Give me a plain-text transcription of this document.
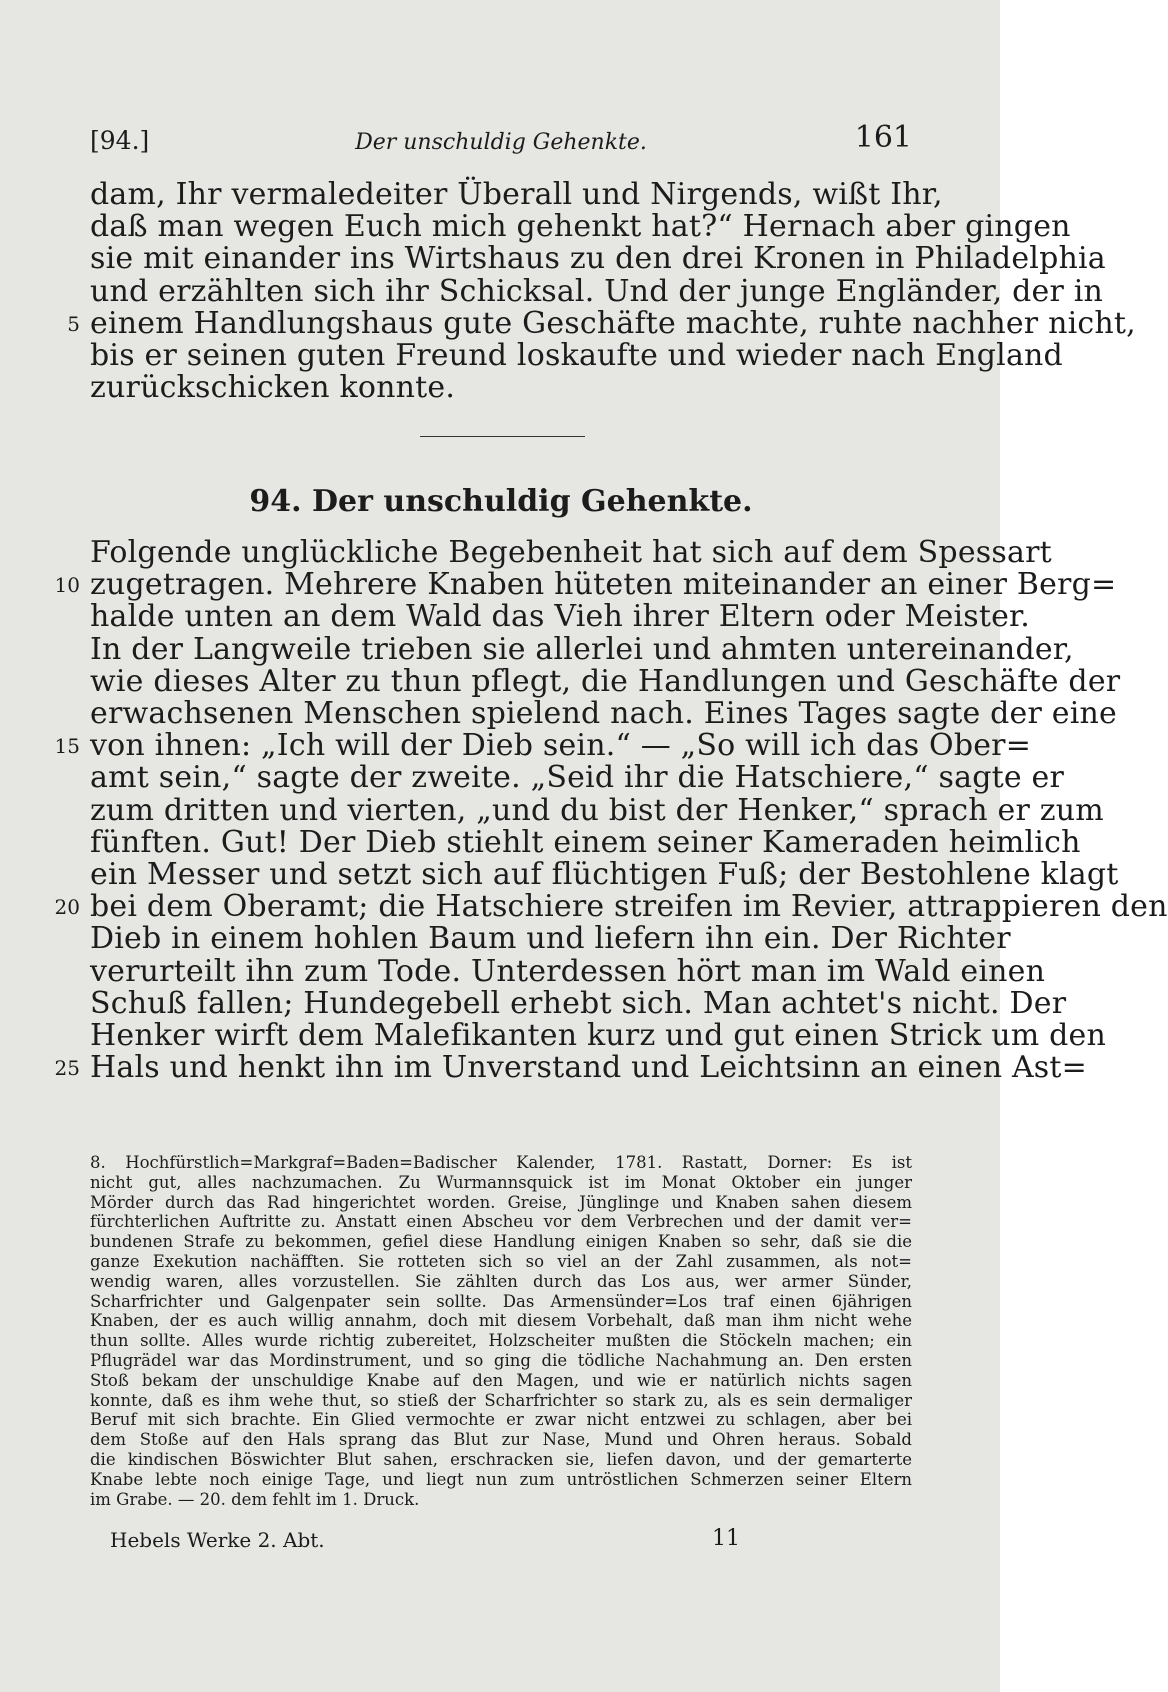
[94.]	Der unschuldig Gehenkte.	161
dam, Ihr vermaledeiter Überall und Nirgends, wißt Ihr,
daß man wegen Euch mich gehenkt hat?“ Hernach aber gingen
sie mit einander ins Wirtshaus zu den drei Kronen in Philadelphia
und erzählten sich ihr Schicksal. Und der junge Engländer, der in
einem Handlungshaus gute Geschäfte machte, ruhte nachher nicht,
5
bis er seinen guten Freund loskaufte und wieder nach England
zurückschicken konnte.
94. Der unschuldig Gehenkte.
Folgende unglückliche Begebenheit hat sich auf dem Spessart
zugetragen. Mehrere Knaben hüteten miteinander an einer Berg=
10
halde unten an dem Wald das Vieh ihrer Eltern oder Meister.
In der Langweile trieben sie allerlei und ahmten untereinander,
wie dieses Alter zu thun pflegt, die Handlungen und Geschäfte der
erwachsenen Menschen spielend nach. Eines Tages sagte der eine
von ihnen: „Ich will der Dieb sein.“ — „So will ich das Ober=
15
amt sein,“ sagte der zweite. „Seid ihr die Hatschiere,“ sagte er
zum dritten und vierten, „und du bist der Henker,“ sprach er zum
fünften. Gut! Der Dieb stiehlt einem seiner Kameraden heimlich
ein Messer und setzt sich auf flüchtigen Fuß; der Bestohlene klagt
bei dem Oberamt; die Hatschiere streifen im Revier, attrappieren den
20
Dieb in einem hohlen Baum und liefern ihn ein. Der Richter
verurteilt ihn zum Tode. Unterdessen hört man im Wald einen
Schuß fallen; Hundegebell erhebt sich. Man achtet's nicht. Der
Henker wirft dem Malefikanten kurz und gut einen Strick um den
Hals und henkt ihn im Unverstand und Leichtsinn an einen Ast=
25
8. Hochfürstlich=Markgraf=Baden=Badischer Kalender, 1781. Rastatt, Dorner: Es ist
nicht gut, alles nachzumachen. Zu Wurmannsquick ist im Monat Oktober ein junger
Mörder durch das Rad hingerichtet worden. Greise, Jünglinge und Knaben sahen diesem
fürchterlichen Auftritte zu. Anstatt einen Abscheu vor dem Verbrechen und der damit ver=
bundenen Strafe zu bekommen, gefiel diese Handlung einigen Knaben so sehr, daß sie die
ganze Exekution nachäfften. Sie rotteten sich so viel an der Zahl zusammen, als not=
wendig waren, alles vorzustellen. Sie zählten durch das Los aus, wer armer Sünder,
Scharfrichter und Galgenpater sein sollte. Das Armensünder=Los traf einen 6jährigen
Knaben, der es auch willig annahm, doch mit diesem Vorbehalt, daß man ihm nicht wehe
thun sollte. Alles wurde richtig zubereitet, Holzscheiter mußten die Stöckeln machen; ein
Pflugrädel war das Mordinstrument, und so ging die tödliche Nachahmung an. Den ersten
Stoß bekam der unschuldige Knabe auf den Magen, und wie er natürlich nichts sagen
konnte, daß es ihm wehe thut, so stieß der Scharfrichter so stark zu, als es sein dermaliger
Beruf mit sich brachte. Ein Glied vermochte er zwar nicht entzwei zu schlagen, aber bei
dem Stoße auf den Hals sprang das Blut zur Nase, Mund und Ohren heraus. Sobald
die kindischen Böswichter Blut sahen, erschracken sie, liefen davon, und der gemarterte
Knabe lebte noch einige Tage, und liegt nun zum untröstlichen Schmerzen seiner Eltern
im Grabe. — 20. dem fehlt im 1. Druck.
Hebels Werke 2. Abt.	11
